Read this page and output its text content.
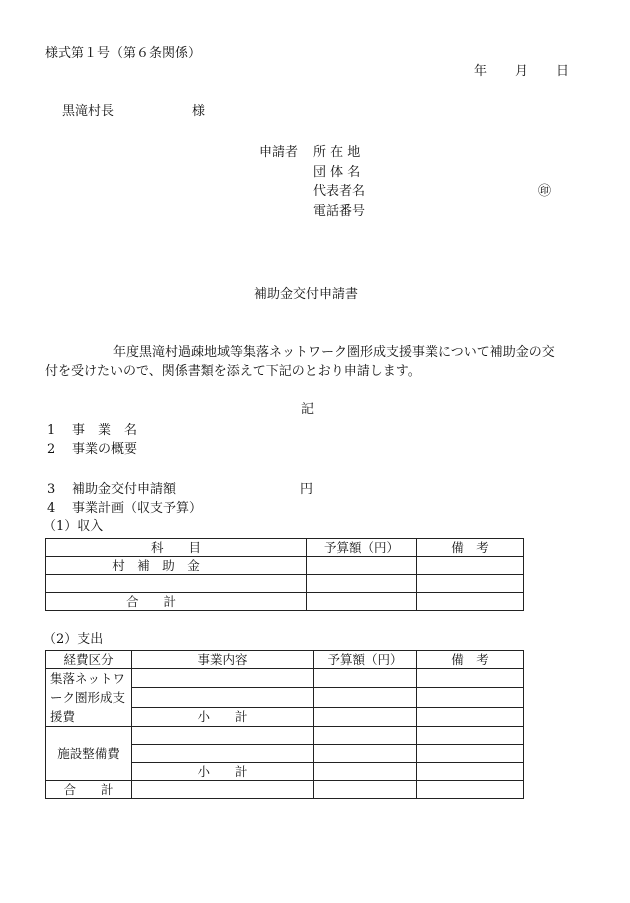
様式第１号（第６条関係）
年 月 日
黒滝村長	様
申請者 所 在 地
団 体 名
代表者名	㊞
電話番号
補助金交付申請書
年度黒滝村過疎地域等集落ネットワーク圏形成支援事業について補助金の交
付を受けたいので、関係書類を添えて下記のとおり申請します。
記
1 事　業　名
2 事業の概要
3 補助金交付申請額	円
4 事業計画（収支予算）
（1）収入
科　　目	予算額（円）	備　考
村　補　助　金		

合　　計		
（2）支出
経費区分	事業内容	予算額（円）	備　考
集落ネットワーク圏形成支援費			

	小　　計		
施設整備費			

	小　　計		
合　　計			
